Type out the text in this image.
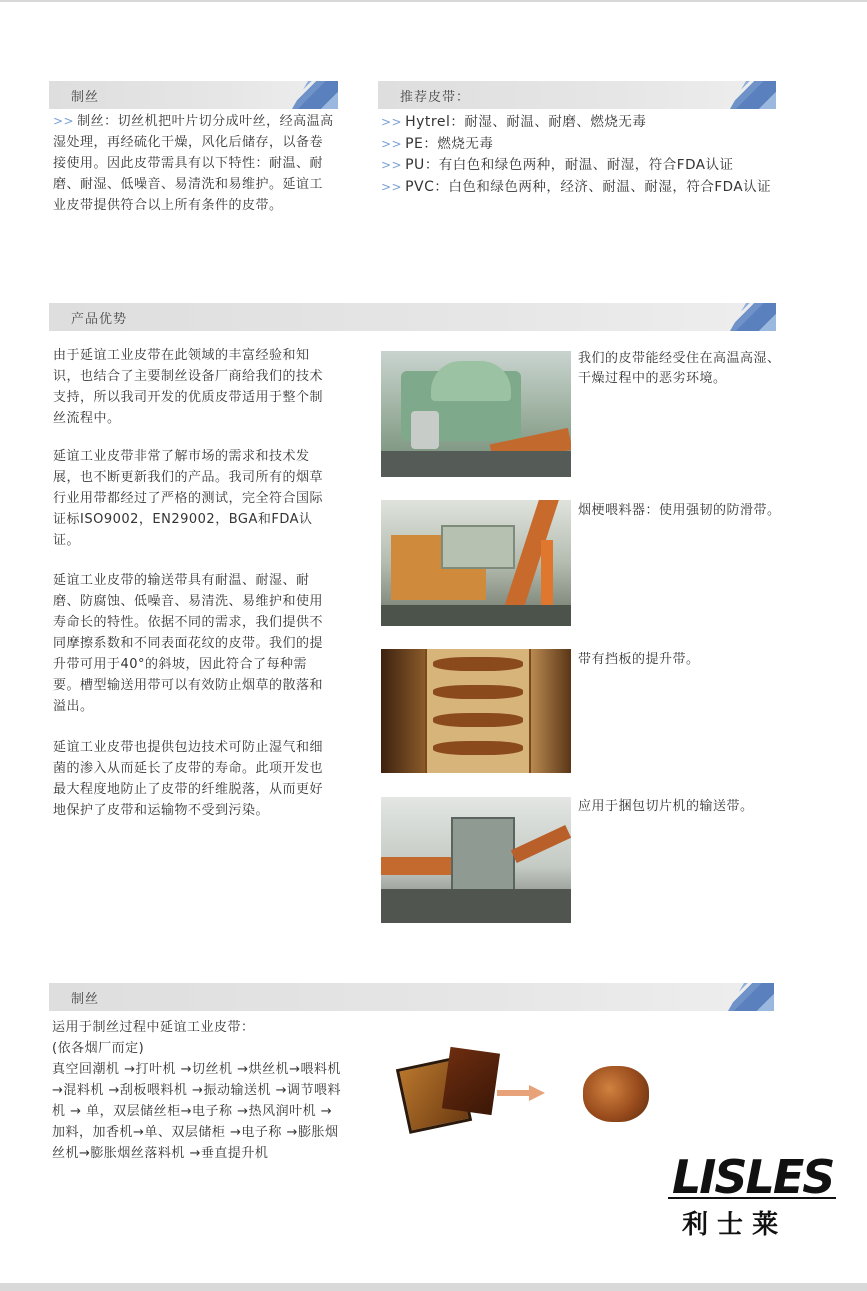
制丝
>> 制丝：切丝机把叶片切分成叶丝，经高温高湿处理，再经硫化干燥，风化后储存，以备卷接使用。因此皮带需具有以下特性：耐温、耐磨、耐湿、低噪音、易清洗和易维护。延谊工业皮带提供符合以上所有条件的皮带。
推荐皮带：
>> Hytrel：耐湿、耐温、耐磨、燃烧无毒
>> PE：燃烧无毒
>> PU：有白色和绿色两种，耐温、耐湿，符合FDA认证
>> PVC：白色和绿色两种，经济、耐温、耐湿，符合FDA认证
产品优势
由于延谊工业皮带在此领域的丰富经验和知识，也结合了主要制丝设备厂商给我们的技术支持，所以我司开发的优质皮带适用于整个制丝流程中。
延谊工业皮带非常了解市场的需求和技术发展，也不断更新我们的产品。我司所有的烟草行业用带都经过了严格的测试，完全符合国际证标ISO9002，EN29002，BGA和FDA认证。
延谊工业皮带的输送带具有耐温、耐湿、耐磨、防腐蚀、低噪音、易清洗、易维护和使用寿命长的特性。依据不同的需求，我们提供不同摩擦系数和不同表面花纹的皮带。我们的提升带可用于40°的斜坡，因此符合了每种需要。槽型输送用带可以有效防止烟草的散落和溢出。
延谊工业皮带也提供包边技术可防止湿气和细菌的渗入从而延长了皮带的寿命。此项开发也最大程度地防止了皮带的纤维脱落，从而更好地保护了皮带和运输物不受到污染。
我们的皮带能经受住在高温高湿、干燥过程中的恶劣环境。
烟梗喂料器：使用强韧的防滑带。
带有挡板的提升带。
应用于捆包切片机的输送带。
制丝
运用于制丝过程中延谊工业皮带：
(依各烟厂而定)
真空回潮机 →打叶机 →切丝机 →烘丝机→喂料机 →混料机 →刮板喂料机 →振动输送机 →调节喂料机 → 单，双层储丝柜→电子称 →热风润叶机 → 加料，加香机→单、双层储柜 →电子称 →膨胀烟丝机→膨胀烟丝落料机 →垂直提升机	LISLES
利 士 莱
